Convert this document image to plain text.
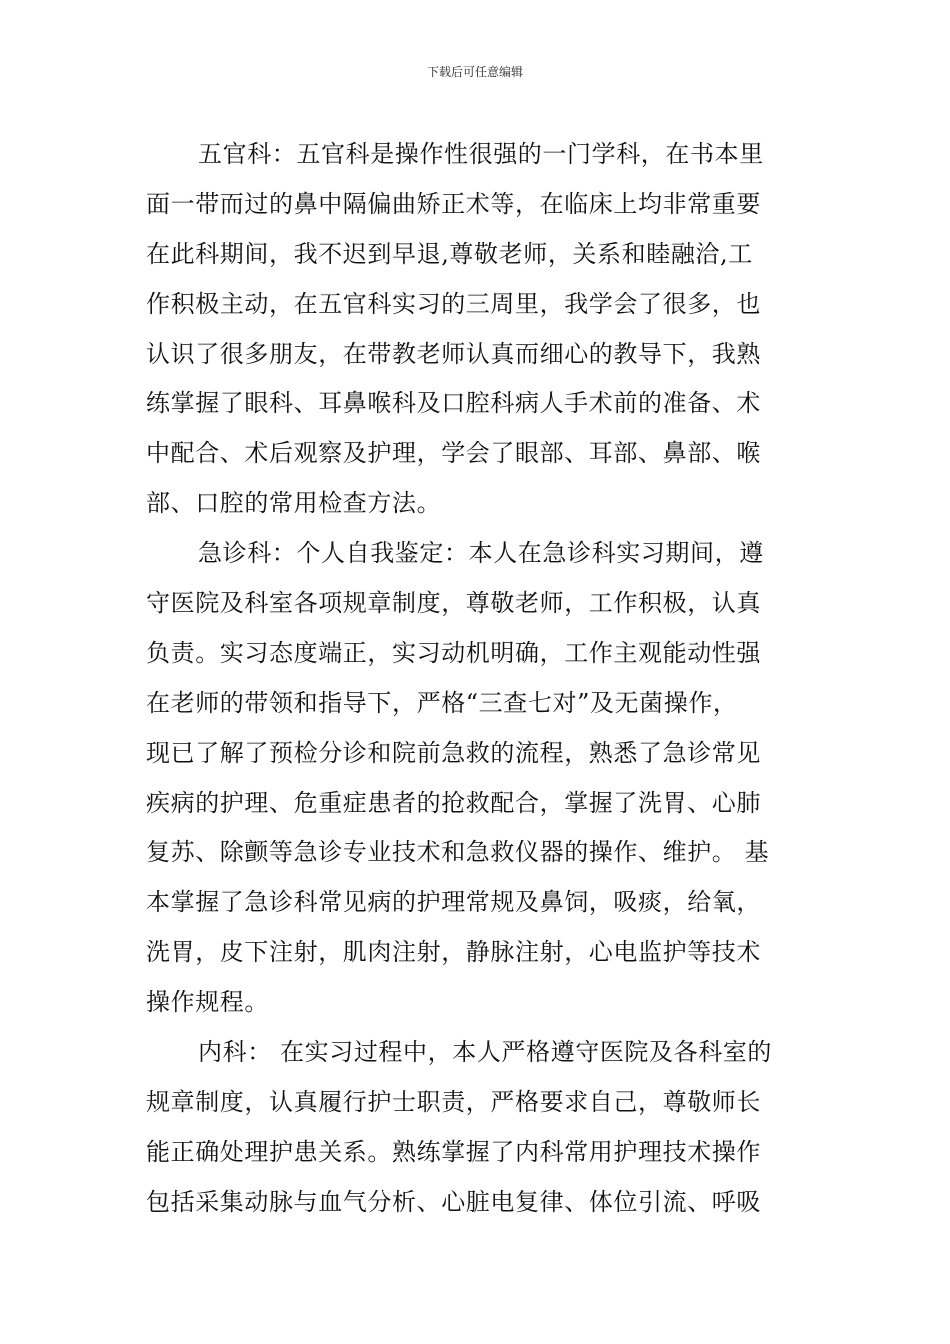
下载后可任意编辑
五官科：五官科是操作性很强的一门学科，在书本里
面一带而过的鼻中隔偏曲矫正术等，在临床上均非常重要
在此科期间，我不迟到早退,尊敬老师，关系和睦融洽,工
作积极主动，在五官科实习的三周里，我学会了很多，也
认识了很多朋友，在带教老师认真而细心的教导下，我熟
练掌握了眼科、耳鼻喉科及口腔科病人手术前的准备、术
中配合、术后观察及护理，学会了眼部、耳部、鼻部、喉
部、口腔的常用检查方法。
急诊科：个人自我鉴定：本人在急诊科实习期间，遵
守医院及科室各项规章制度，尊敬老师，工作积极，认真
负责。实习态度端正，实习动机明确，工作主观能动性强
在老师的带领和指导下，严格“三查七对”及无菌操作，
现已了解了预检分诊和院前急救的流程，熟悉了急诊常见
疾病的护理、危重症患者的抢救配合，掌握了洗胃、心肺
复苏、除颤等急诊专业技术和急救仪器的操作、维护。 基
本掌握了急诊科常见病的护理常规及鼻饲，吸痰，给氧，
洗胃，皮下注射，肌肉注射，静脉注射，心电监护等技术
操作规程。
内科： 在实习过程中，本人严格遵守医院及各科室的
规章制度，认真履行护士职责，严格要求自己，尊敬师长
能正确处理护患关系。熟练掌握了内科常用护理技术操作
包括采集动脉与血气分析、心脏电复律、体位引流、呼吸
